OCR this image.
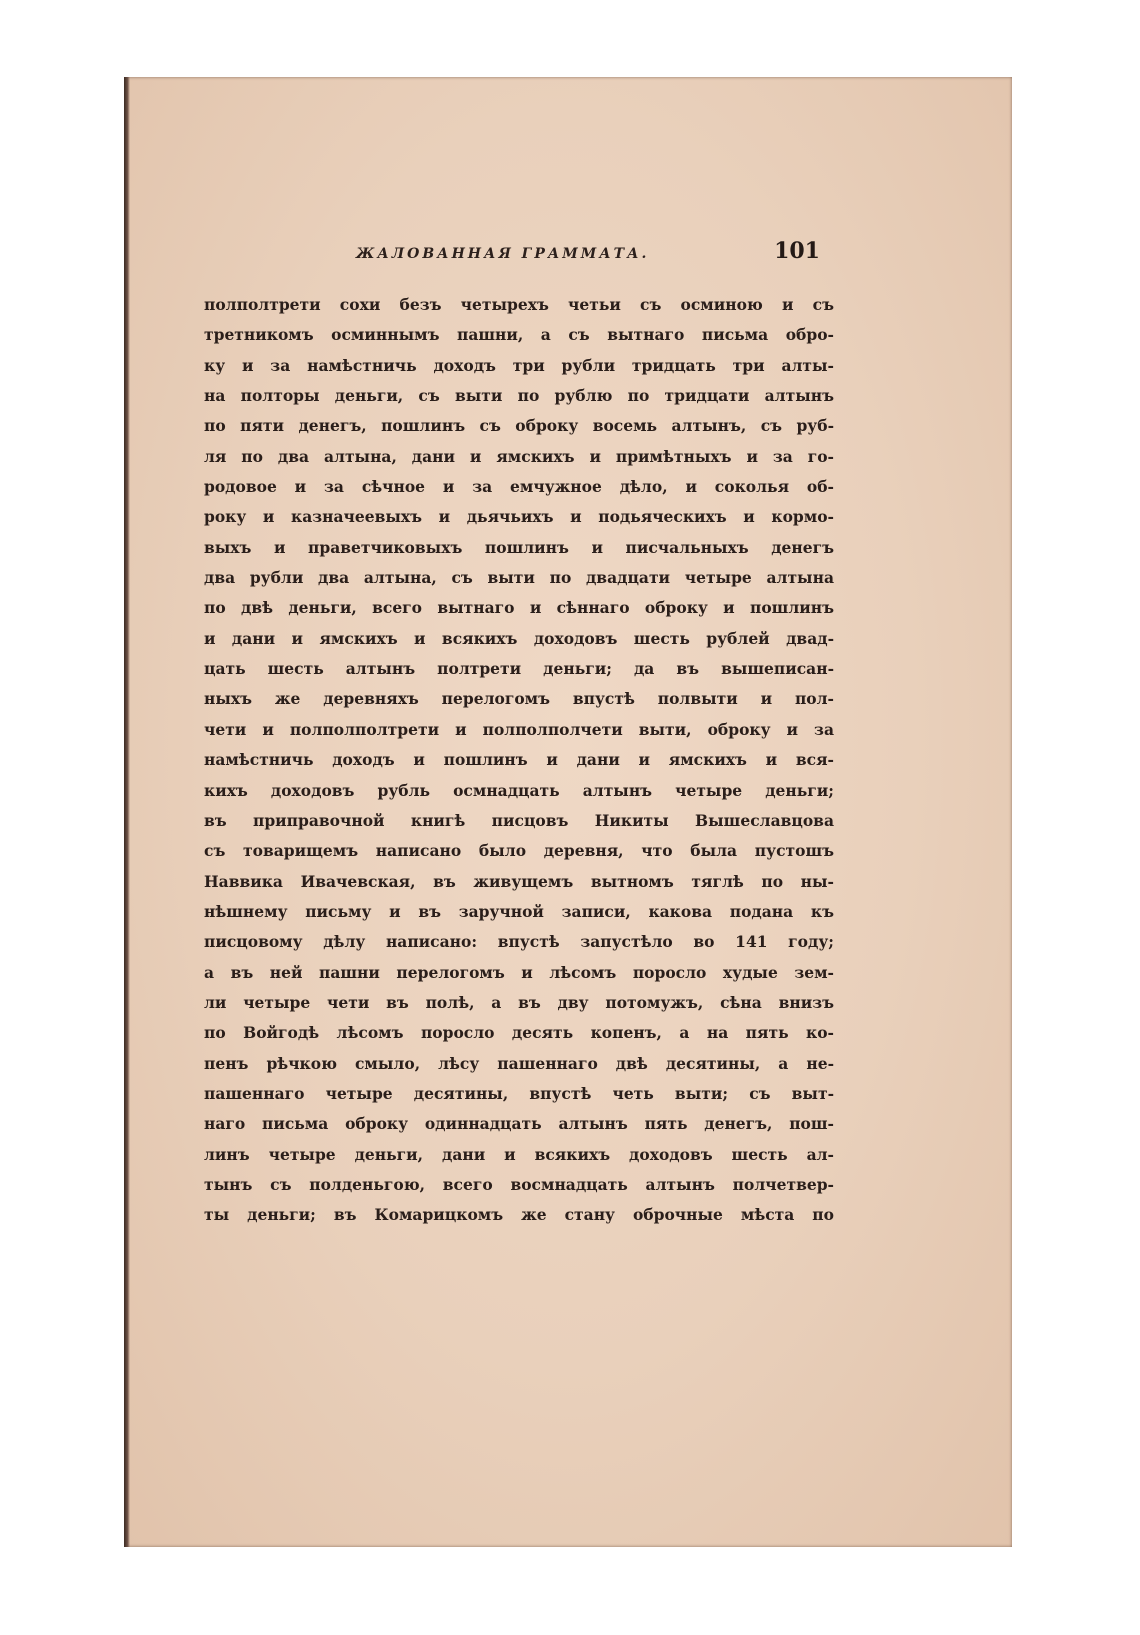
ЖАЛОВАННАЯ ГРАММАТА.	101
полполтрети сохи безъ четырехъ четьи съ осминою и съ
третникомъ осминнымъ пашни, а съ вытнаго письма обро-
ку и за намѣстничь доходъ три рубли тридцать три алты-
на полторы деньги, съ выти по рублю по тридцати алтынъ
по пяти денегъ, пошлинъ съ оброку восемь алтынъ, съ руб-
ля по два алтына, дани и ямскихъ и примѣтныхъ и за го-
родовое и за сѣчное и за емчужное дѣло, и соколья об-
року и казначеевыхъ и дьячьихъ и подьяческихъ и кормо-
выхъ и праветчиковыхъ пошлинъ и писчальныхъ денегъ
два рубли два алтына, съ выти по двадцати четыре алтына
по двѣ деньги, всего вытнаго и сѣннаго оброку и пошлинъ
и дани и ямскихъ и всякихъ доходовъ шесть рублей двад-
цать шесть алтынъ полтрети деньги; да въ вышеписан-
ныхъ же деревняхъ перелогомъ впустѣ полвыти и пол-
чети и полполполтрети и полполполчети выти, оброку и за
намѣстничь доходъ и пошлинъ и дани и ямскихъ и вся-
кихъ доходовъ рубль осмнадцать алтынъ четыре деньги;
въ приправочной книгѣ писцовъ Никиты Вышеславцова
съ товарищемъ написано было деревня, что была пустошъ
Наввика Ивачевская, въ живущемъ вытномъ тяглѣ по ны-
нѣшнему письму и въ заручной записи, какова подана къ
писцовому дѣлу написано: впустѣ запустѣло во 141 году;
а въ ней пашни перелогомъ и лѣсомъ поросло худые зем-
ли четыре чети въ полѣ, а въ дву потомужъ, сѣна внизъ
по Войгодѣ лѣсомъ поросло десять копенъ, а на пять ко-
пенъ рѣчкою смыло, лѣсу пашеннаго двѣ десятины, а не-
пашеннаго четыре десятины, впустѣ четь выти; съ выт-
наго письма оброку одиннадцать алтынъ пять денегъ, пош-
линъ четыре деньги, дани и всякихъ доходовъ шесть ал-
тынъ съ полденьгою, всего восмнадцать алтынъ полчетвер-
ты деньги; въ Комарицкомъ же стану оброчные мѣста по
